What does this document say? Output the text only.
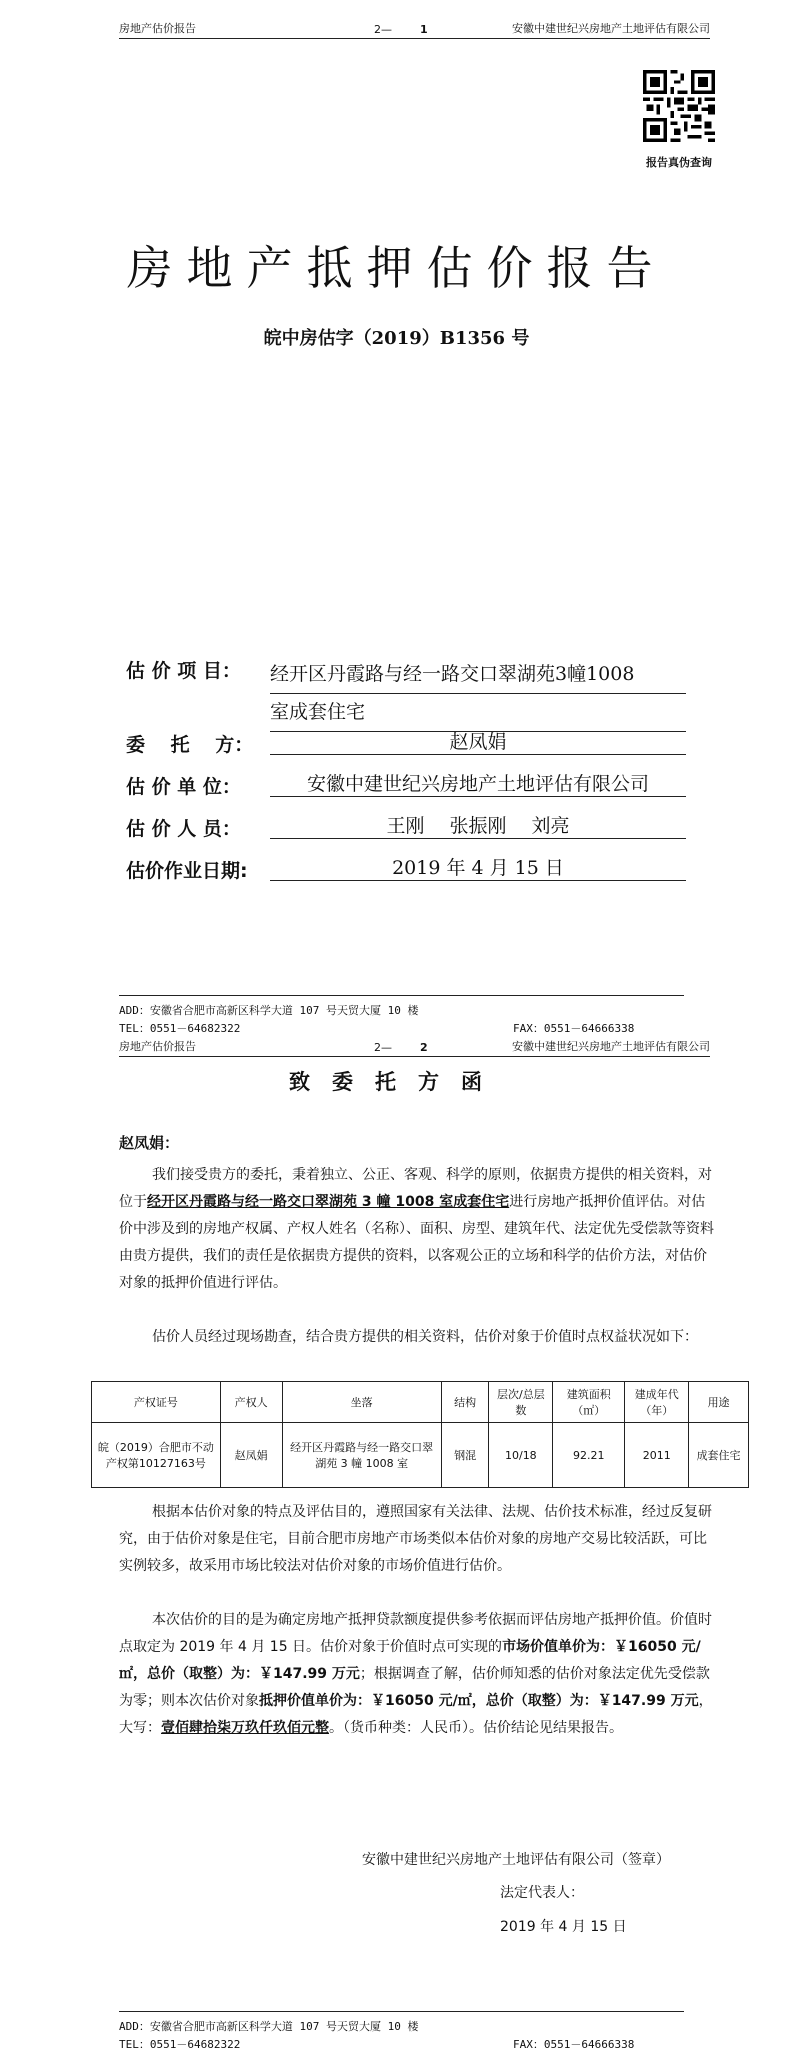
房地产估价报告	2—	1	安徽中建世纪兴房地产土地评估有限公司
报告真伪查询
房地产抵押估价报告
皖中房估字（2019）B1356 号
估 价 项 目： 经开区丹霞路与经一路交口翠湖苑3幢1008
室成套住宅
委　 托　 方：	赵凤娟
估 价 单 位：	安徽中建世纪兴房地产土地评估有限公司
估 价 人 员：	王刚　 张振刚　 刘亮
估价作业日期:	2019 年 4 月 15 日
ADD：安徽省合肥市高新区科学大道 107 号天贸大厦 10 楼
TEL：0551－64682322	FAX：0551－64666338
房地产估价报告	2—	2	安徽中建世纪兴房地产土地评估有限公司
致委托方函
赵凤娟：
我们接受贵方的委托，秉着独立、公正、客观、科学的原则，依据贵方提供的相关资料，对位于经开区丹霞路与经一路交口翠湖苑 3 幢 1008 室成套住宅进行房地产抵押价值评估。对估价中涉及到的房地产权属、产权人姓名（名称）、面积、房型、建筑年代、法定优先受偿款等资料由贵方提供，我们的责任是依据贵方提供的资料，以客观公正的立场和科学的估价方法，对估价对象的抵押价值进行评估。
估价人员经过现场勘查，结合贵方提供的相关资料，估价对象于价值时点权益状况如下：
产权证号	产权人	坐落	结构	层次/总层数	建筑面积（㎡）	建成年代（年）	用途
皖（2019）合肥市不动产权第10127163号	赵凤娟	经开区丹霞路与经一路交口翠湖苑 3 幢 1008 室	钢混	10/18	92.21	2011	成套住宅
根据本估价对象的特点及评估目的，遵照国家有关法律、法规、估价技术标准，经过反复研究，由于估价对象是住宅，目前合肥市房地产市场类似本估价对象的房地产交易比较活跃，可比实例较多，故采用市场比较法对估价对象的市场价值进行估价。
本次估价的目的是为确定房地产抵押贷款额度提供参考依据而评估房地产抵押价值。价值时点取定为 2019 年 4 月 15 日。估价对象于价值时点可实现的市场价值单价为：￥16050 元/㎡，总价（取整）为：￥147.99 万元；根据调查了解，估价师知悉的估价对象法定优先受偿款为零；则本次估价对象抵押价值单价为：￥16050 元/㎡，总价（取整）为：￥147.99 万元，大写：壹佰肆拾柒万玖仟玖佰元整。（货币种类：人民币）。估价结论见结果报告。
安徽中建世纪兴房地产土地评估有限公司（签章）
法定代表人：
2019 年 4 月 15 日
ADD：安徽省合肥市高新区科学大道 107 号天贸大厦 10 楼
TEL：0551－64682322	FAX：0551－64666338
